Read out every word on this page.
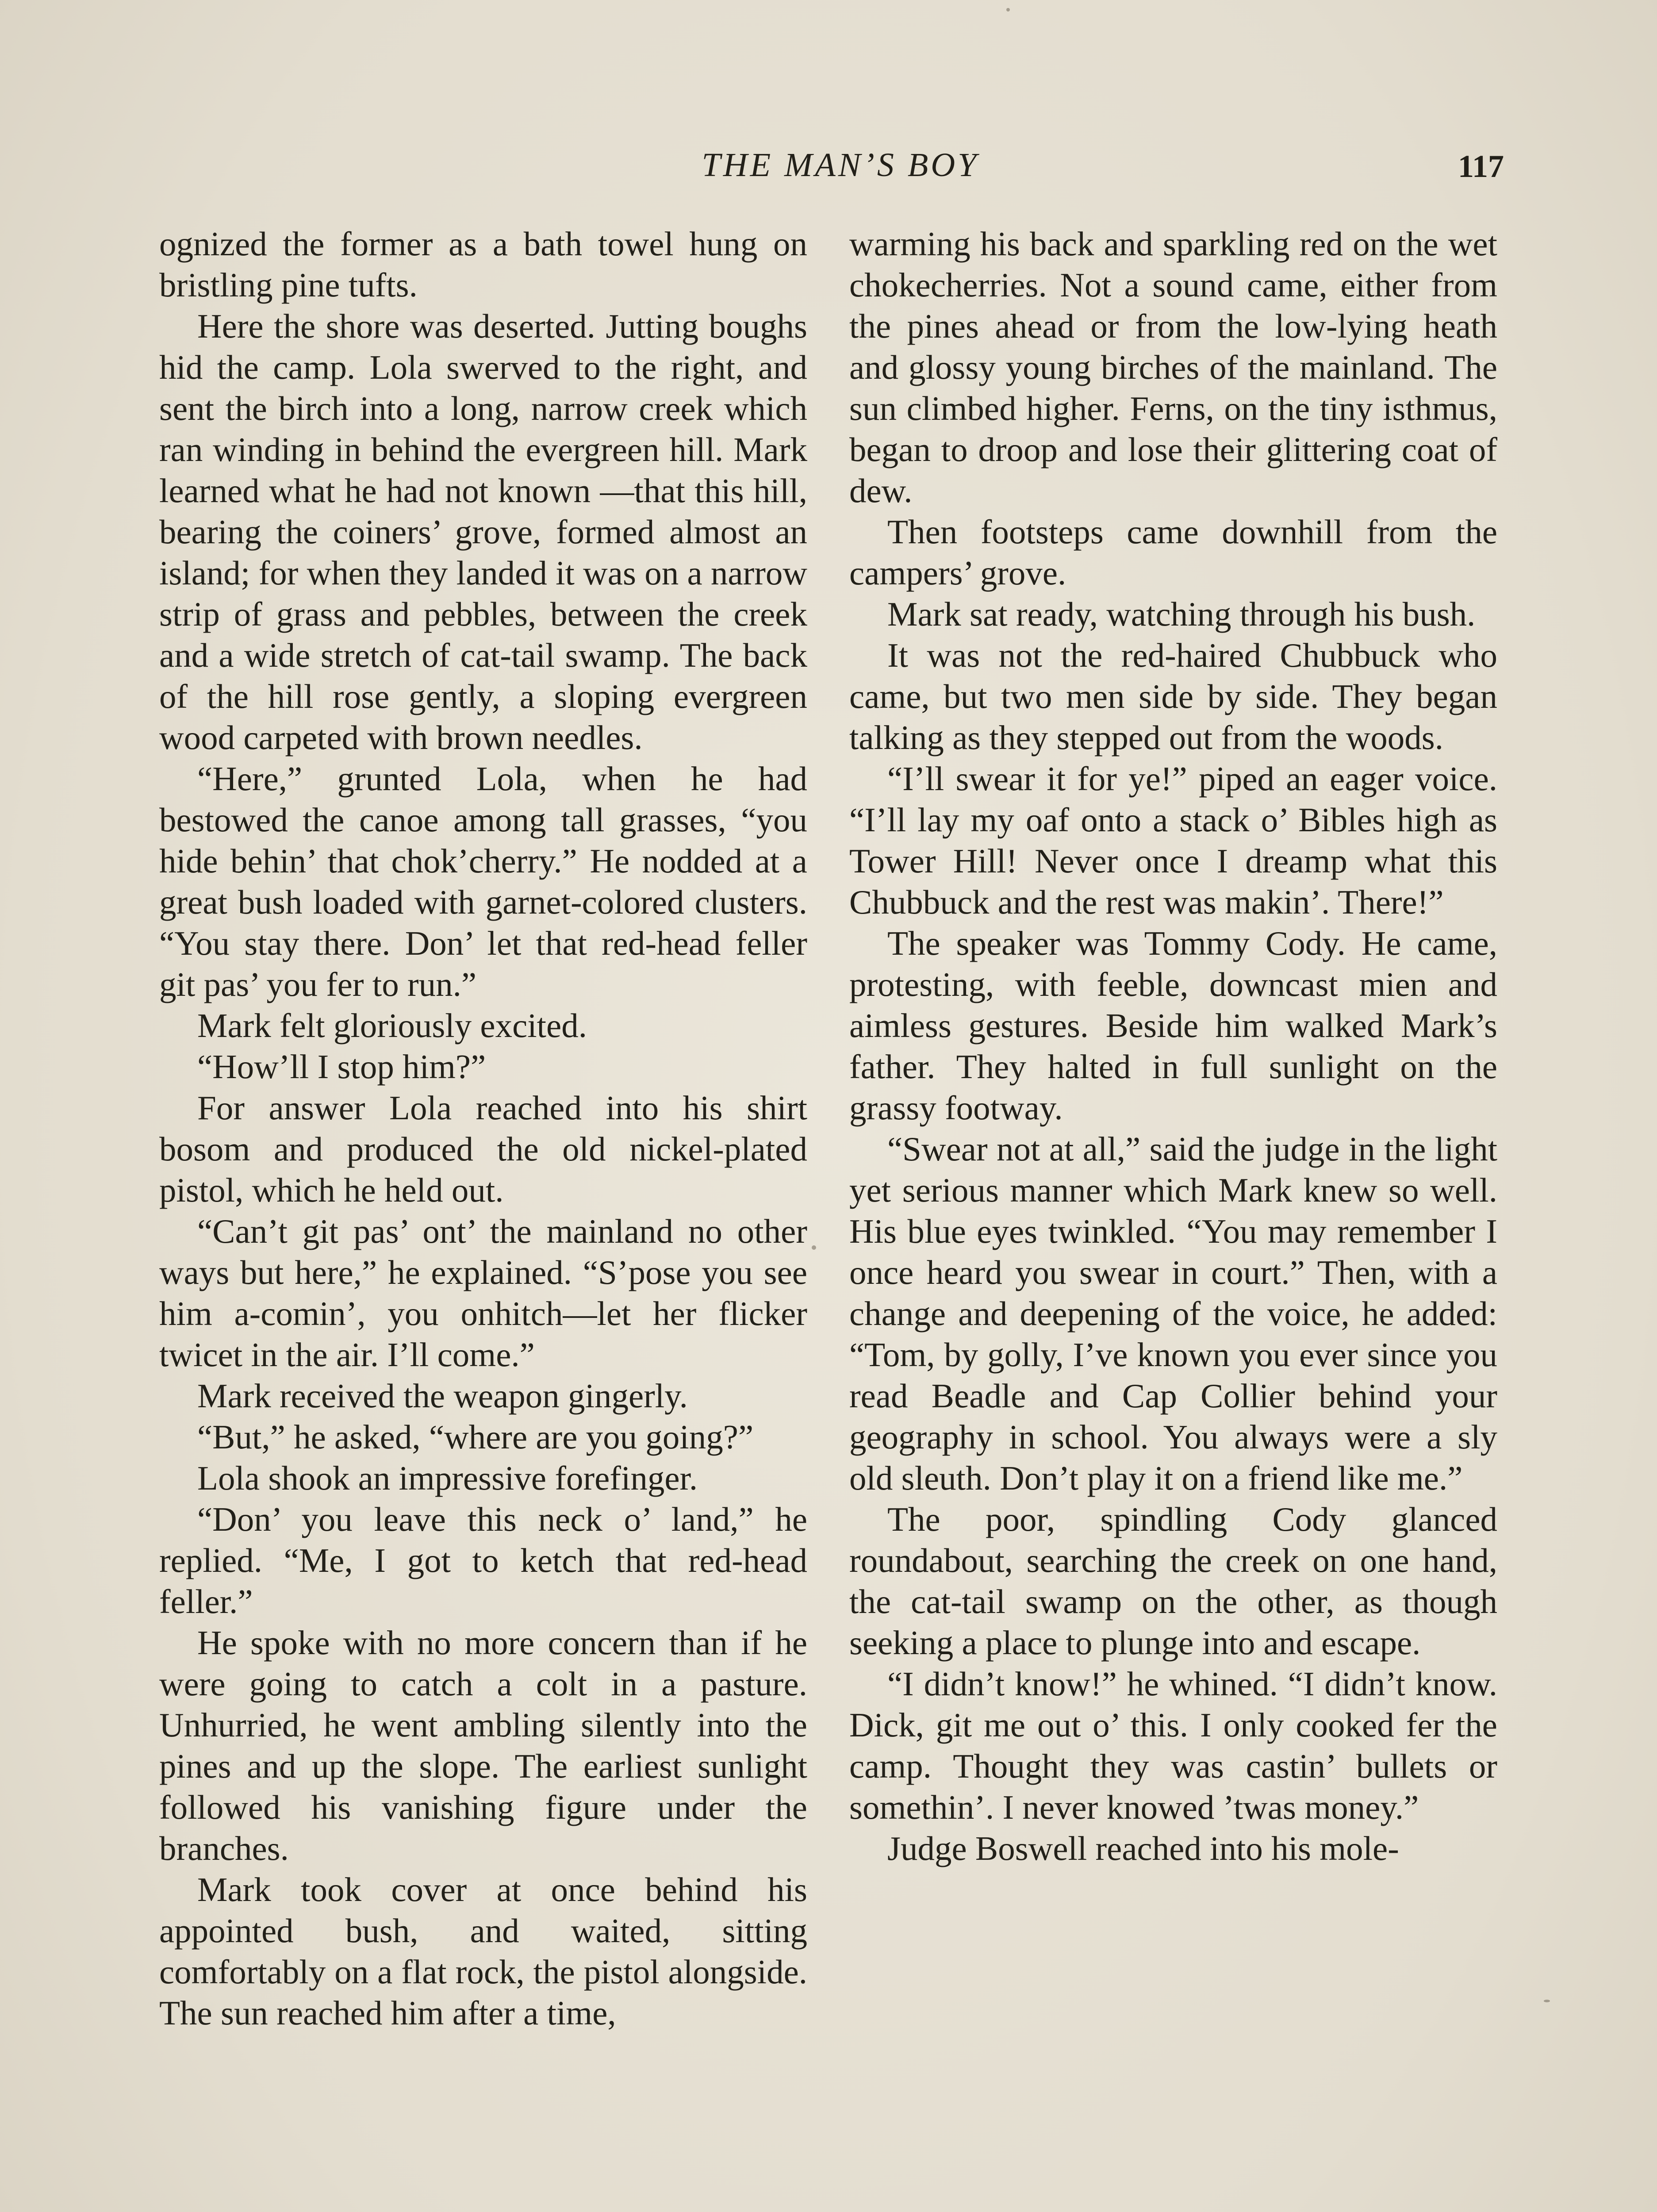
THE MAN’S BOY	117

ognized the former as a bath towel hung on bristling pine tufts.

Here the shore was deserted. Jutting boughs hid the camp. Lola swerved to the right, and sent the birch into a long, narrow creek which ran winding in behind the evergreen hill. Mark learned what he had not known —that this hill, bearing the coiners’ grove, formed almost an island; for when they landed it was on a narrow strip of grass and pebbles, between the creek and a wide stretch of cat-tail swamp. The back of the hill rose gently, a sloping evergreen wood carpeted with brown needles.

“Here,” grunted Lola, when he had bestowed the canoe among tall grasses, “you hide behin’ that chok’cherry.” He nodded at a great bush loaded with garnet-colored clusters. “You stay there. Don’ let that red-head feller git pas’ you fer to run.”

Mark felt gloriously excited.

“How’ll I stop him?”

For answer Lola reached into his shirt bosom and produced the old nickel-plated pistol, which he held out.

“Can’t git pas’ ont’ the mainland no other ways but here,” he explained. “S’pose you see him a-comin’, you onhitch—let her flicker twicet in the air. I’ll come.”

Mark received the weapon gingerly.

“But,” he asked, “where are you going?”

Lola shook an impressive forefinger.

“Don’ you leave this neck o’ land,” he replied. “Me, I got to ketch that red-head feller.”

He spoke with no more concern than if he were going to catch a colt in a pasture. Unhurried, he went ambling silently into the pines and up the slope. The earliest sunlight followed his vanishing figure under the branches.

Mark took cover at once behind his appointed bush, and waited, sitting comfortably on a flat rock, the pistol alongside. The sun reached him after a time,

warming his back and sparkling red on the wet chokecherries. Not a sound came, either from the pines ahead or from the low-lying heath and glossy young birches of the mainland. The sun climbed higher. Ferns, on the tiny isthmus, began to droop and lose their glittering coat of dew.

Then footsteps came downhill from the campers’ grove.

Mark sat ready, watching through his bush.

It was not the red-haired Chubbuck who came, but two men side by side. They began talking as they stepped out from the woods.

“I’ll swear it for ye!” piped an eager voice. “I’ll lay my oaf onto a stack o’ Bibles high as Tower Hill! Never once I dreamp what this Chubbuck and the rest was makin’. There!”

The speaker was Tommy Cody. He came, protesting, with feeble, downcast mien and aimless gestures. Beside him walked Mark’s father. They halted in full sunlight on the grassy footway.

“Swear not at all,” said the judge in the light yet serious manner which Mark knew so well. His blue eyes twinkled. “You may remember I once heard you swear in court.” Then, with a change and deepening of the voice, he added: “Tom, by golly, I’ve known you ever since you read Beadle and Cap Collier behind your geography in school. You always were a sly old sleuth. Don’t play it on a friend like me.”

The poor, spindling Cody glanced roundabout, searching the creek on one hand, the cat-tail swamp on the other, as though seeking a place to plunge into and escape.

“I didn’t know!” he whined. “I didn’t know. Dick, git me out o’ this. I only cooked fer the camp. Thought they was castin’ bullets or somethin’. I never knowed ’twas money.”

Judge Boswell reached into his mole-
